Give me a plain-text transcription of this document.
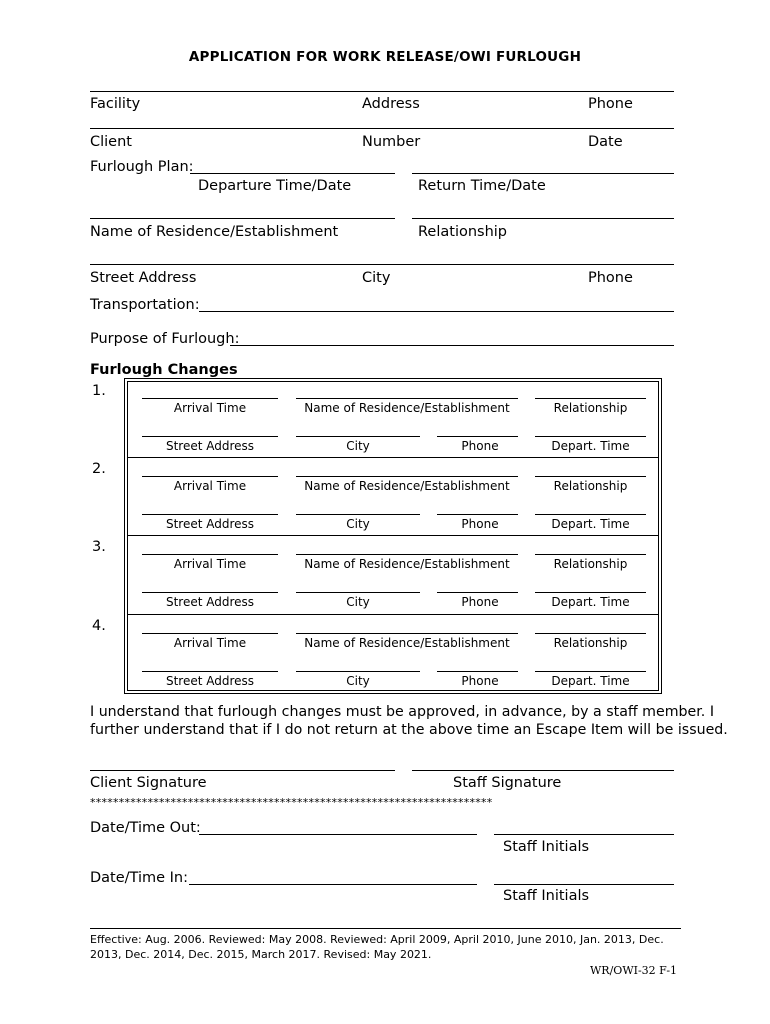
APPLICATION FOR WORK RELEASE/OWI FURLOUGH
Facility	Address	Phone
Client	Number	Date
Furlough Plan:
Departure Time/Date	Return Time/Date
Name of Residence/Establishment	Relationship
Street Address	City	Phone
Transportation:
Purpose of Furlough:
Furlough Changes
1.
Arrival Time	Name of Residence/Establishment	Relationship
Street Address	City	Phone	Depart. Time
2.
Arrival Time	Name of Residence/Establishment	Relationship
Street Address	City	Phone	Depart. Time
3.
Arrival Time	Name of Residence/Establishment	Relationship
Street Address	City	Phone	Depart. Time
4.
Arrival Time	Name of Residence/Establishment	Relationship
Street Address	City	Phone	Depart. Time
I understand that furlough changes must be approved, in advance, by a staff member. I
further understand that if I do not return at the above time an Escape Item will be issued.
Client Signature	Staff Signature
**********************************************************************
Date/Time Out:
Staff Initials
Date/Time In:
Staff Initials
Effective: Aug. 2006. Reviewed: May 2008. Reviewed: April 2009, April 2010, June 2010, Jan. 2013, Dec.
2013, Dec. 2014, Dec. 2015, March 2017. Revised: May 2021.
WR/OWI-32 F-1
